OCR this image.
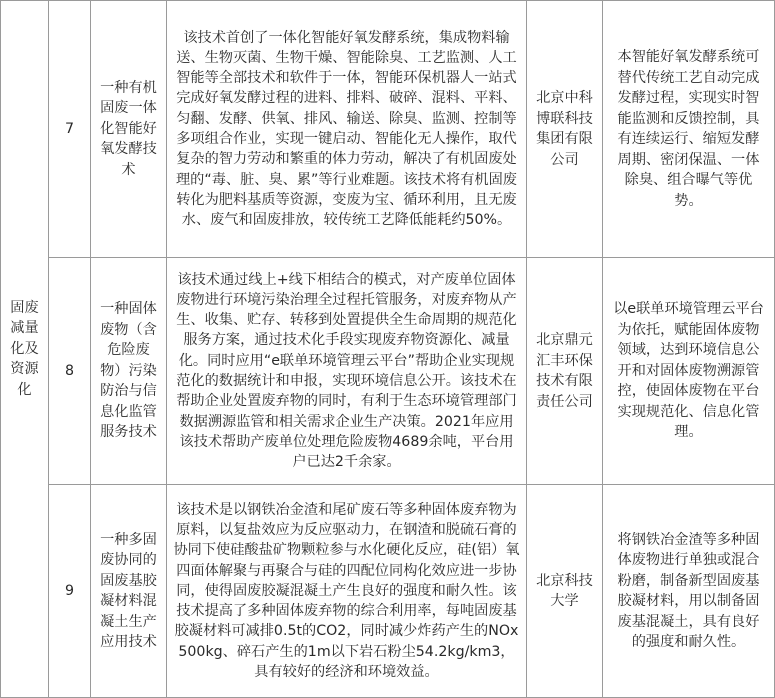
固废减量化及资源化
7
一种有机固废一体化智能好氧发酵技术
该技术首创了一体化智能好氧发酵系统，集成物料输送、生物灭菌、生物干燥、智能除臭、工艺监测、人工智能等全部技术和软件于一体，智能环保机器人一站式完成好氧发酵过程的进料、排料、破碎、混料、平料、匀翻、发酵、供氧、排风、输送、除臭、监测、控制等多项组合作业，实现一键启动、智能化无人操作，取代复杂的智力劳动和繁重的体力劳动，解决了有机固废处理的“毒、脏、臭、累”等行业难题。该技术将有机固废转化为肥料基质等资源，变废为宝、循环利用，且无废水、废气和固废排放，较传统工艺降低能耗约50%。
北京中科博联科技集团有限公司
本智能好氧发酵系统可替代传统工艺自动完成发酵过程，实现实时智能监测和反馈控制，具有连续运行、缩短发酵周期、密闭保温、一体除臭、组合曝气等优势。
8
一种固体废物（含危险废物）污染防治与信息化监管服务技术
该技术通过线上+线下相结合的模式，对产废单位固体废物进行环境污染治理全过程托管服务，对废弃物从产生、收集、贮存、转移到处置提供全生命周期的规范化服务方案，通过技术化手段实现废弃物资源化、减量化。同时应用“e联单环境管理云平台”帮助企业实现规范化的数据统计和申报，实现环境信息公开。该技术在帮助企业处置废弃物的同时，有利于生态环境管理部门数据溯源监管和相关需求企业生产决策。2021年应用该技术帮助产废单位处理危险废物4689余吨，平台用户已达2千余家。
北京鼎元汇丰环保技术有限责任公司
以e联单环境管理云平台为依托，赋能固体废物领域，达到环境信息公开和对固体废物溯源管控，使固体废物在平台实现规范化、信息化管理。
9
一种多固废协同的固废基胶凝材料混凝土生产应用技术
该技术是以钢铁冶金渣和尾矿废石等多种固体废弃物为原料，以复盐效应为反应驱动力，在钢渣和脱硫石膏的协同下使硅酸盐矿物颗粒参与水化硬化反应，硅(铝）氧四面体解聚与再聚合与硅的四配位同构化效应进一步协同，使得固废胶凝混凝土产生良好的强度和耐久性。该技术提高了多种固体废弃物的综合利用率，每吨固废基胶凝材料可减排0.5t的CO2，同时减少炸药产生的NOx 500kg、碎石产生的1m以下岩石粉尘54.2kg/km3，具有较好的经济和环境效益。
北京科技大学
将钢铁冶金渣等多种固体废物进行单独或混合粉磨，制备新型固废基胶凝材料，用以制备固废基混凝土，具有良好的强度和耐久性。
